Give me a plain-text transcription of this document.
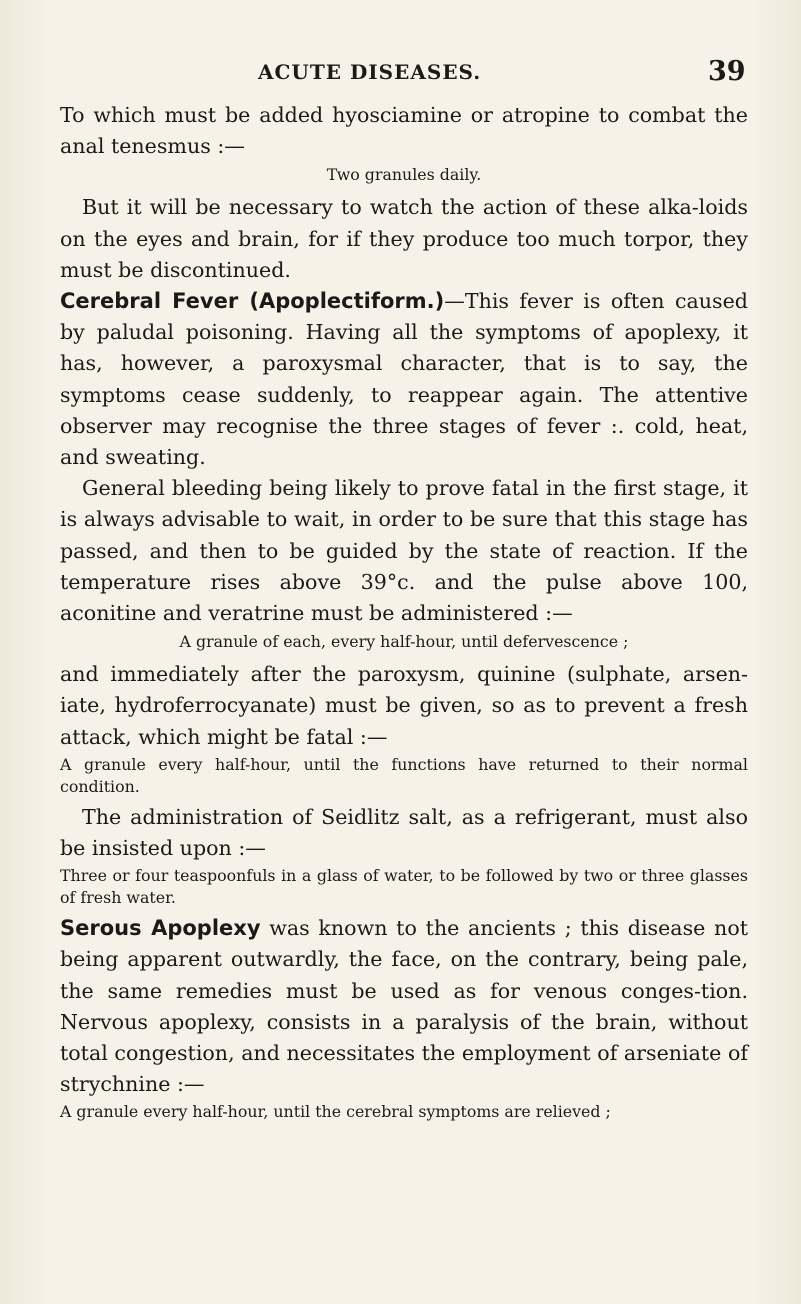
ACUTE DISEASES.	39

To which must be added hyosciamine or atropine to combat the anal tenesmus :—

Two granules daily.

But it will be necessary to watch the action of these alka-loids on the eyes and brain, for if they produce too much torpor, they must be discontinued.

Cerebral Fever (Apoplectiform.)—This fever is often caused by paludal poisoning. Having all the symptoms of apoplexy, it has, however, a paroxysmal character, that is to say, the symptoms cease suddenly, to reappear again. The attentive observer may recognise the three stages of fever :. cold, heat, and sweating.

General bleeding being likely to prove fatal in the first stage, it is always advisable to wait, in order to be sure that this stage has passed, and then to be guided by the state of reaction. If the temperature rises above 39°c. and the pulse above 100, aconitine and veratrine must be administered :—

A granule of each, every half-hour, until defervescence ;

and immediately after the paroxysm, quinine (sulphate, arsen-iate, hydroferrocyanate) must be given, so as to prevent a fresh attack, which might be fatal :—

A granule every half-hour, until the functions have returned to their normal condition.

The administration of Seidlitz salt, as a refrigerant, must also be insisted upon :—

Three or four teaspoonfuls in a glass of water, to be followed by two or three glasses of fresh water.

Serous Apoplexy was known to the ancients ; this disease not being apparent outwardly, the face, on the contrary, being pale, the same remedies must be used as for venous conges-tion. Nervous apoplexy, consists in a paralysis of the brain, without total congestion, and necessitates the employment of arseniate of strychnine :—

A granule every half-hour, until the cerebral symptoms are relieved ;
